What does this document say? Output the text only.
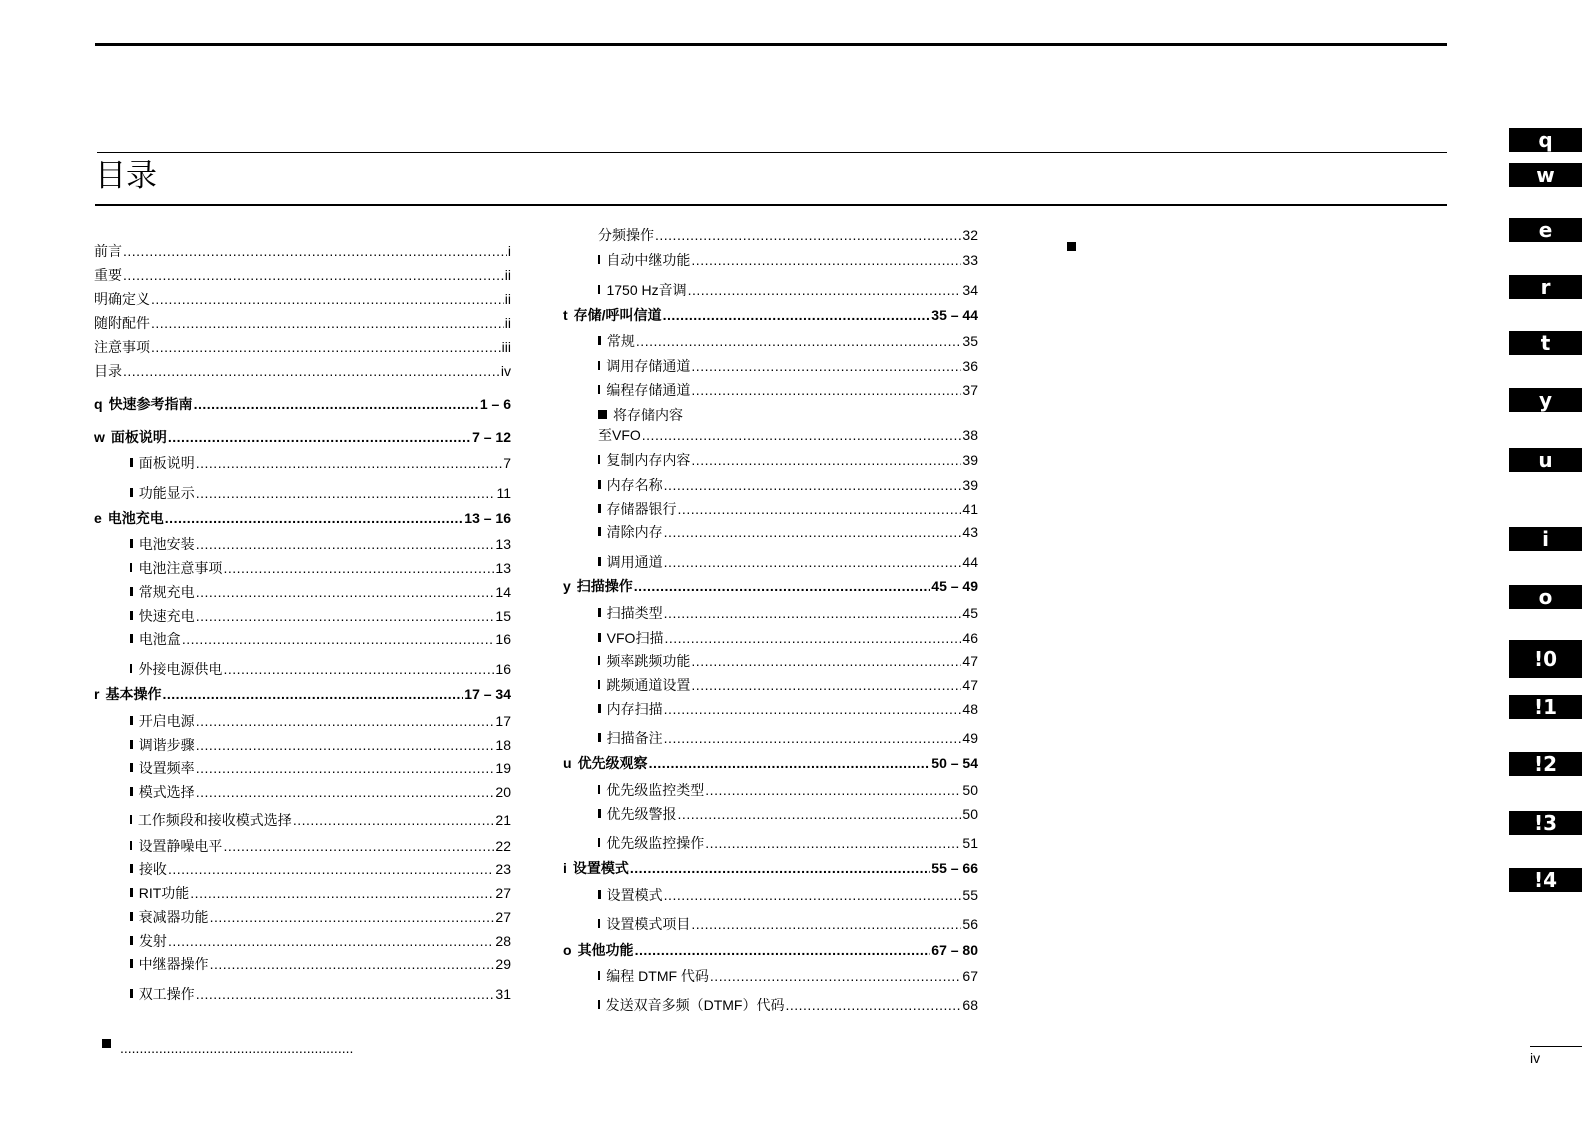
目录
前言 .....	i
重要 .....	ii
明确定义 .....	ii
随附配件 .....	ii
注意事项 .....	iii
目录 .....	iv
q 快速参考指南 .....	1 – 6
w 面板说明 .....	7 – 12
面板说明 .....	7
功能显示 .....	11
e 电池充电 .....	13 – 16
电池安装 .....	13
电池注意事项 .....	13
常规充电 .....	14
快速充电 .....	15
电池盒 .....	16
外接电源供电 .....	16
r 基本操作 .....	17 – 34
开启电源 .....	17
调谐步骤 .....	18
设置频率 .....	19
模式选择 .....	20
工作频段和接收模式选择 .....	21
设置静噪电平 .....	22
接收 .....	23
RIT功能 .....	27
衰减器功能 .....	27
发射 .....	28
中继器操作 .....	29
双工操作 .....	31
分频操作 .....	32
自动中继功能 .....	33
1750 Hz音调 .....	34
t 存储/呼叫信道 .....	35 – 44
常规 .....	35
调用存储通道 .....	36
编程存储通道 .....	37
将存储内容
至VFO .....	38
复制内存内容 .....	39
内存名称 .....	39
存储器银行 .....	41
清除内存 .....	43
调用通道 .....	44
y 扫描操作 .....	45 – 49
扫描类型 .....	45
VFO扫描 .....	46
频率跳频功能 .....	47
跳频通道设置 .....	47
内存扫描 .....	48
扫描备注 .....	49
u 优先级观察 .....	50 – 54
优先级监控类型 .....	50
优先级警报 .....	50
优先级监控操作 .....	51
i 设置模式 .....	55 – 66
设置模式 .....	55
设置模式项目 .....	56
o 其他功能 .....	67 – 80
编程 DTMF 代码 .....	67
发送双音多频（DTMF）代码 .....	68
q
w
e
r
t
y
u
i
o
!0
!1
!2
!3
!4
............................................................
iv
